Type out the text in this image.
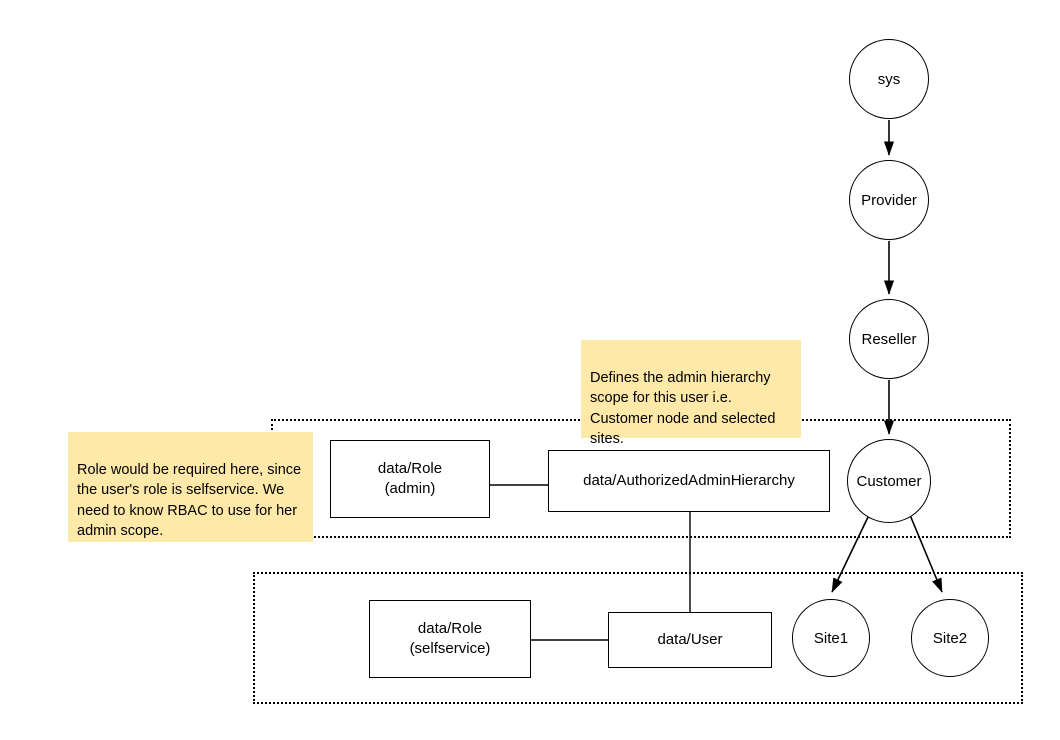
sys
Provider
Reseller
Customer
Site1	Site2
data/Role
(admin)	data/AuthorizedAdminHierarchy
data/Role
(selfservice)
data/User

Role would be required here, since the user's role is selfservice. We need to know RBAC to use for her admin scope.

Defines the admin hierarchy scope for this user i.e. Customer node and selected sites.
